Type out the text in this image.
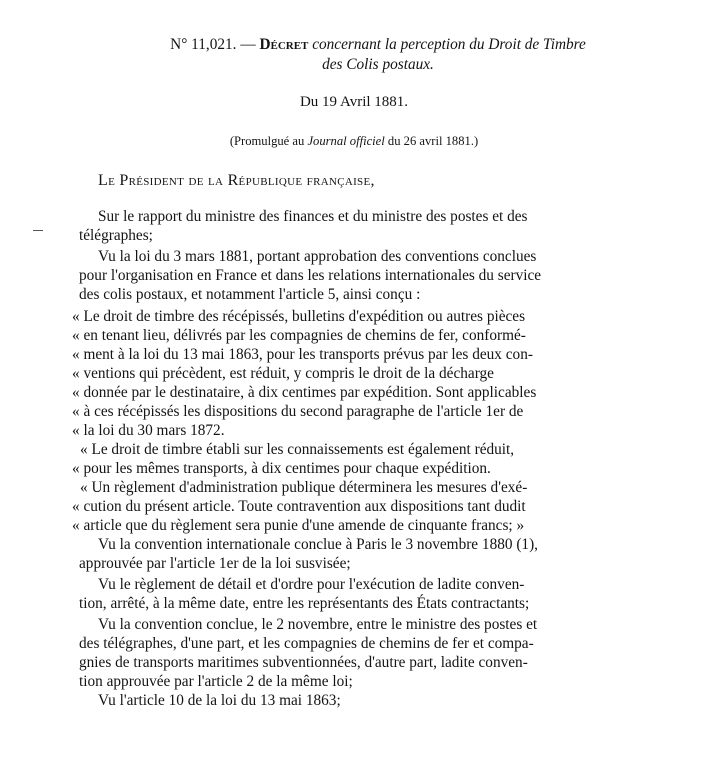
N° 11,021. — Décret concernant la perception du Droit de Timbre
des Colis postaux.
Du 19 Avril 1881.
(Promulgué au Journal officiel du 26 avril 1881.)
Le Président de la République française,
Sur le rapport du ministre des finances et du ministre des postes et des
télégraphes;
Vu la loi du 3 mars 1881, portant approbation des conventions conclues
pour l'organisation en France et dans les relations internationales du service
des colis postaux, et notamment l'article 5, ainsi conçu :
« Le droit de timbre des récépissés, bulletins d'expédition ou autres pièces
« en tenant lieu, délivrés par les compagnies de chemins de fer, conformé-
« ment à la loi du 13 mai 1863, pour les transports prévus par les deux con-
« ventions qui précèdent, est réduit, y compris le droit de la décharge
« donnée par le destinataire, à dix centimes par expédition. Sont applicables
« à ces récépissés les dispositions du second paragraphe de l'article 1er de
« la loi du 30 mars 1872.
« Le droit de timbre établi sur les connaissements est également réduit,
« pour les mêmes transports, à dix centimes pour chaque expédition.
« Un règlement d'administration publique déterminera les mesures d'exé-
« cution du présent article. Toute contravention aux dispositions tant dudit
« article que du règlement sera punie d'une amende de cinquante francs; »
Vu la convention internationale conclue à Paris le 3 novembre 1880 (1),
approuvée par l'article 1er de la loi susvisée;
Vu le règlement de détail et d'ordre pour l'exécution de ladite conven-
tion, arrêté, à la même date, entre les représentants des États contractants;
Vu la convention conclue, le 2 novembre, entre le ministre des postes et
des télégraphes, d'une part, et les compagnies de chemins de fer et compa-
gnies de transports maritimes subventionnées, d'autre part, ladite conven-
tion approuvée par l'article 2 de la même loi;
Vu l'article 10 de la loi du 13 mai 1863;
